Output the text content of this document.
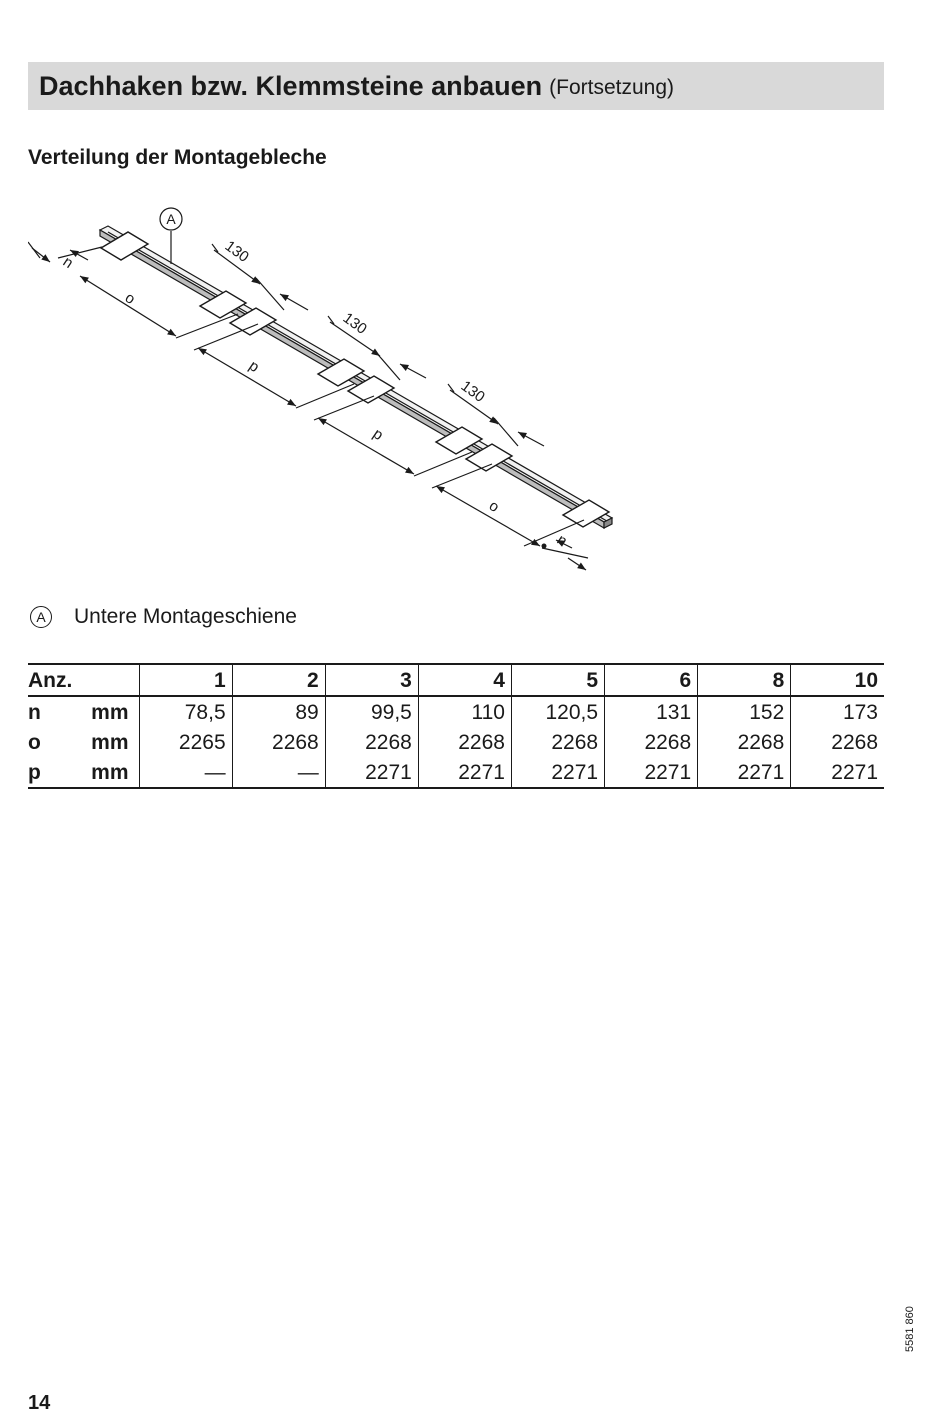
Dachhaken bzw. Klemmsteine anbauen (Fortsetzung)
Verteilung der Montagebleche
A
n
o
130
130
p
130
p
o
n
A	Untere Montageschiene
Anz.		1	2	3	4	5	6	8	10
n	mm	78,5	89	99,5	110	120,5	131	152	173
o	mm	2265	2268	2268	2268	2268	2268	2268	2268
p	mm	—	—	2271	2271	2271	2271	2271	2271
5581 860
14
